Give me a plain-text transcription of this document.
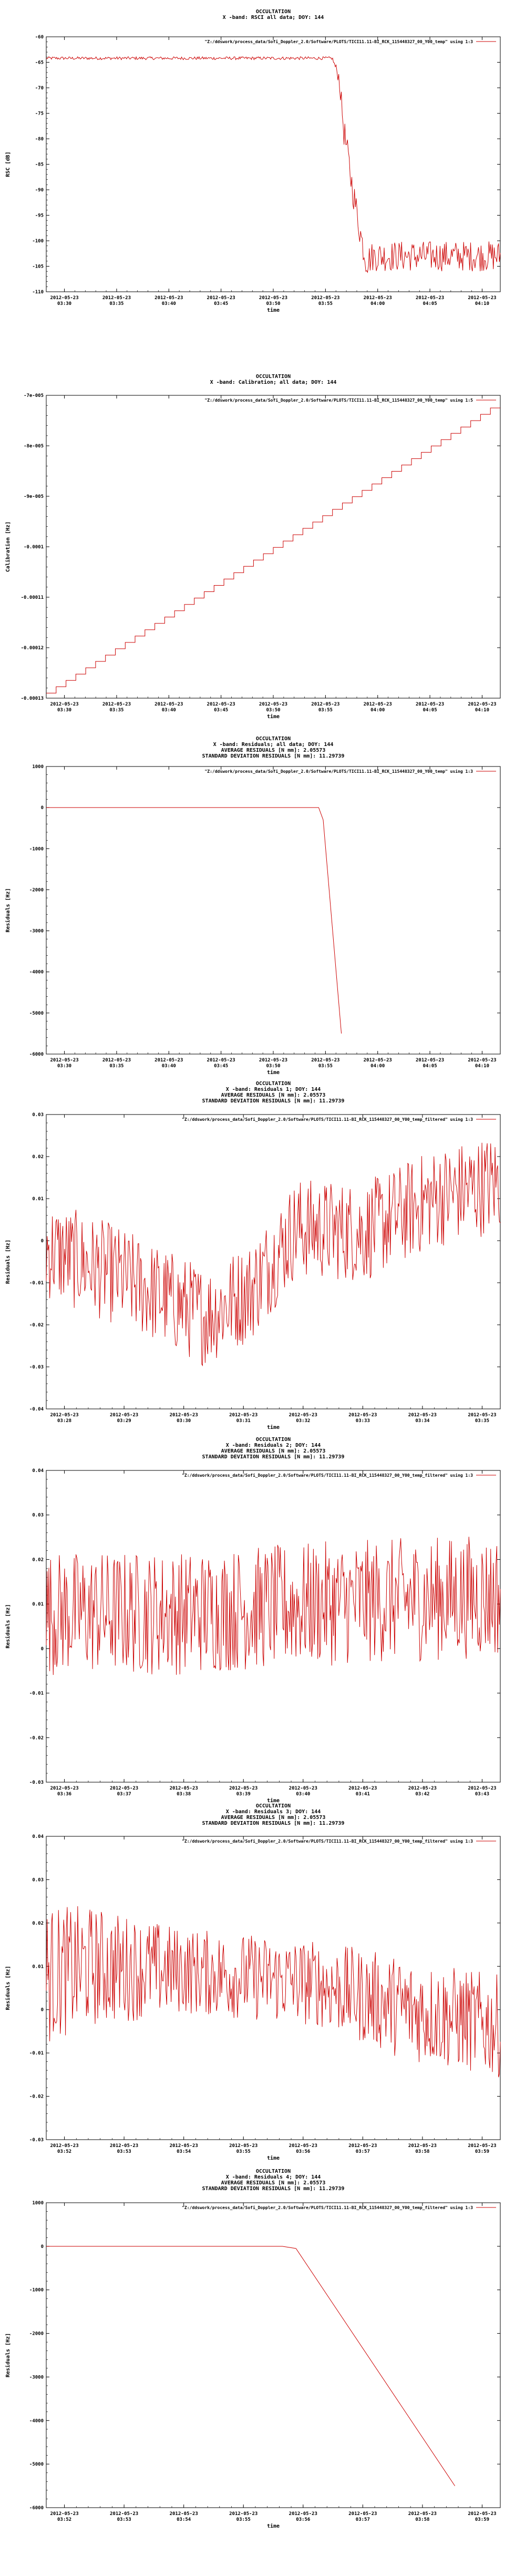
OCCULTATION
X -band: RSCI all data; DOY: 144
"Z:/ddswork/process_data/Sofi_Doppler_2.0/Software/PLOTS/TICI11.11-BI_RCK_115448327_00_Y00_temp" using 1:3
-60
-65
-70
-75
-80
-85
-90
-95
-100
-105
-110
2012-05-23
03:30
2012-05-23
03:35
2012-05-23
03:40
2012-05-23
03:45
2012-05-23
03:50
2012-05-23
03:55
2012-05-23
04:00
2012-05-23
04:05
2012-05-23
04:10
time
RSC [dB]
OCCULTATION
X -band: Calibration; all data; DOY: 144
"Z:/ddswork/process_data/Sofi_Doppler_2.0/Software/PLOTS/TICI11.11-BI_RCK_115448327_00_Y00_temp" using 1:5
-7e-005
-8e-005
-9e-005
-0.0001
-0.00011
-0.00012
-0.00013
2012-05-23
03:30
2012-05-23
03:35
2012-05-23
03:40
2012-05-23
03:45
2012-05-23
03:50
2012-05-23
03:55
2012-05-23
04:00
2012-05-23
04:05
2012-05-23
04:10
time
Calibration [Hz]
OCCULTATION
X -band: Residuals; all data; DOY: 144
AVERAGE RESIDUALS [N mm]: 2.05573
STANDARD DEVIATION RESIDUALS [N mm]: 11.29739
"Z:/ddswork/process_data/Sofi_Doppler_2.0/Software/PLOTS/TICI11.11-BI_RCK_115448327_00_Y00_temp" using 1:3
1000
0
-1000
-2000
-3000
-4000
-5000
-6000
2012-05-23
03:30
2012-05-23
03:35
2012-05-23
03:40
2012-05-23
03:45
2012-05-23
03:50
2012-05-23
03:55
2012-05-23
04:00
2012-05-23
04:05
2012-05-23
04:10
time
Residuals [Hz]
OCCULTATION
X -band: Residuals 1; DOY: 144
AVERAGE RESIDUALS [N mm]: 2.05573
STANDARD DEVIATION RESIDUALS [N mm]: 11.29739
"Z:/ddswork/process_data/Sofi_Doppler_2.0/Software/PLOTS/TICI11.11-BI_RCK_115448327_00_Y00_temp_filtered" using 1:3
0.03
0.02
0.01
0
-0.01
-0.02
-0.03
-0.04
2012-05-23
03:28
2012-05-23
03:29
2012-05-23
03:30
2012-05-23
03:31
2012-05-23
03:32
2012-05-23
03:33
2012-05-23
03:34
2012-05-23
03:35
time
Residuals [Hz]
OCCULTATION
X -band: Residuals 2; DOY: 144
AVERAGE RESIDUALS [N mm]: 2.05573
STANDARD DEVIATION RESIDUALS [N mm]: 11.29739
"Z:/ddswork/process_data/Sofi_Doppler_2.0/Software/PLOTS/TICI11.11-BI_RCK_115448327_00_Y00_temp_filtered" using 1:3
0.04
0.03
0.02
0.01
0
-0.01
-0.02
-0.03
2012-05-23
03:36
2012-05-23
03:37
2012-05-23
03:38
2012-05-23
03:39
2012-05-23
03:40
2012-05-23
03:41
2012-05-23
03:42
2012-05-23
03:43
time
Residuals [Hz]
OCCULTATION
X -band: Residuals 3; DOY: 144
AVERAGE RESIDUALS [N mm]: 2.05573
STANDARD DEVIATION RESIDUALS [N mm]: 11.29739
"Z:/ddswork/process_data/Sofi_Doppler_2.0/Software/PLOTS/TICI11.11-BI_RCK_115448327_00_Y00_temp_filtered" using 1:3
0.04
0.03
0.02
0.01
0
-0.01
-0.02
-0.03
2012-05-23
03:52
2012-05-23
03:53
2012-05-23
03:54
2012-05-23
03:55
2012-05-23
03:56
2012-05-23
03:57
2012-05-23
03:58
2012-05-23
03:59
time
Residuals [Hz]
OCCULTATION
X -band: Residuals 4; DOY: 144
AVERAGE RESIDUALS [N mm]: 2.05573
STANDARD DEVIATION RESIDUALS [N mm]: 11.29739
"Z:/ddswork/process_data/Sofi_Doppler_2.0/Software/PLOTS/TICI11.11-BI_RCK_115448327_00_Y00_temp_filtered" using 1:3
1000
0
-1000
-2000
-3000
-4000
-5000
-6000
2012-05-23
03:52
2012-05-23
03:53
2012-05-23
03:54
2012-05-23
03:55
2012-05-23
03:56
2012-05-23
03:57
2012-05-23
03:58
2012-05-23
03:59
time
Residuals [Hz]
